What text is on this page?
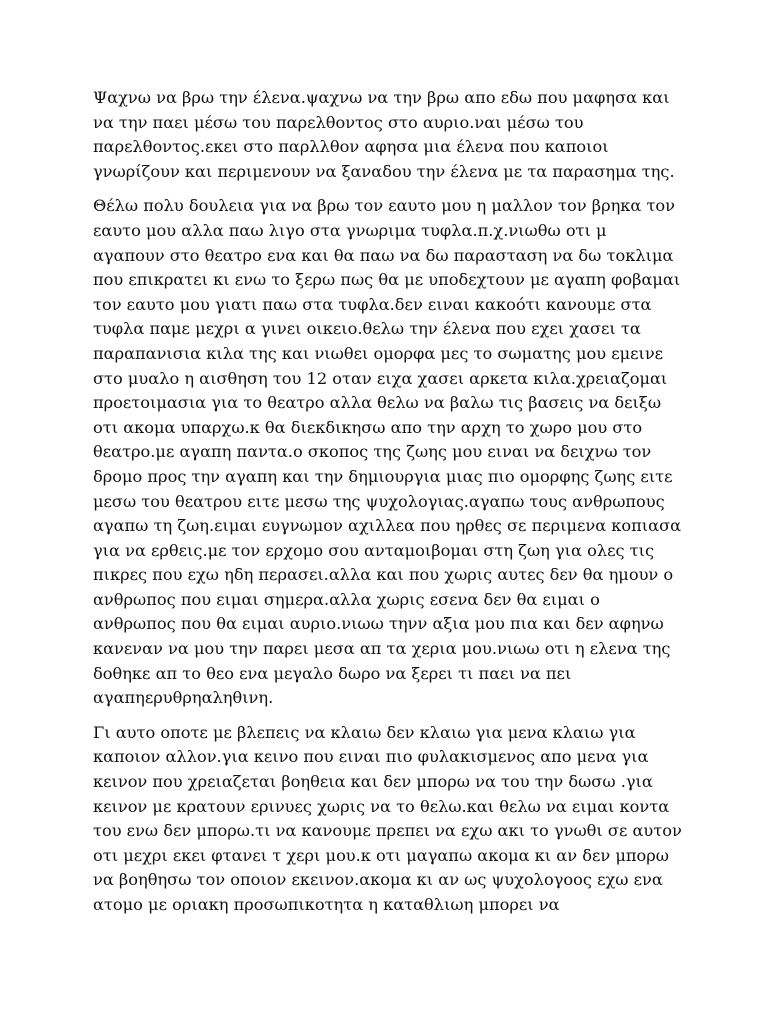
Ψαχνω να βρω την έλενα.ψαχνω να την βρω απο εδω που μαφησα και να την παει μέσω του παρελθοντος στο αυριο.ναι μέσω του παρελθοντος.εκει στο παρλλθον αφησα μια έλενα που καποιοι γνωρίζουν και περιμενουν να ξαναδου την έλενα με τα παρασημα της.

Θέλω πολυ δουλεια για να βρω τον εαυτο μου η μαλλον τον βρηκα τον εαυτο μου αλλα παω λιγο στα γνωριμα τυφλα.π.χ.νιωθω οτι μ αγαπουν στο θεατρο ενα και θα παω να δω παρασταση να δω τοκλιμα που επικρατει κι ενω το ξερω πως θα με υποδεχτουν με αγαπη φοβαμαι τον εαυτο μου γιατι παω στα τυφλα.δεν ειναι κακοότι κανουμε στα τυφλα παμε μεχρι α γινει οικειο.θελω την έλενα που εχει χασει τα παραπανισια κιλα της και νιωθει ομορφα μες το σωματης μου εμεινε στο μυαλο η αισθηση του 12 οταν ειχα χασει αρκετα κιλα.χρειαζομαι προετοιμασια για το θεατρο αλλα θελω να βαλω τις βασεις να δειξω οτι ακομα υπαρχω.κ θα διεκδικησω απο την αρχη το χωρο μου στο θεατρο.με αγαπη παντα.ο σκοπος της ζωης μου ειναι να δειχνω τον δρομο προς την αγαπη και την δημιουργια μιας πιο ομορφης ζωης ειτε μεσω του θεατρου ειτε μεσω της ψυχολογιας.αγαπω τους ανθρωπους αγαπω τη ζωη.ειμαι ευγνωμον αχιλλεα που ηρθες σε περιμενα κοπιασα για να ερθεις.με τον ερχομο σου ανταμοιβομαι στη ζωη για ολες τις πικρες που εχω ηδη περασει.αλλα και που χωρις αυτες δεν θα ημουν ο ανθρωπος που ειμαι σημερα.αλλα χωρις εσενα δεν θα ειμαι ο ανθρωπος που θα ειμαι αυριο.νιωω τηνν αξια μου πια και δεν αφηνω κανεναν να μου την παρει μεσα απ τα χερια μου.νιωω οτι η ελενα της δοθηκε απ το θεο ενα μεγαλο δωρο να ξερει τι παει να πει αγαπηερυθρηαληθινη.

Γι αυτο οποτε με βλεπεις να κλαιω δεν κλαιω για μενα κλαιω για καποιον αλλον.για κεινο που ειναι πιο φυλακισμενος απο μενα για κεινον που χρειαζεται βοηθεια και δεν μπορω να του την δωσω .για κεινον με κρατουν ερινυες χωρις να το θελω.και θελω να ειμαι κοντα του ενω δεν μπορω.τι να κανουμε πρεπει να εχω ακι το γνωθι σε αυτον οτι μεχρι εκει φτανει τ χερι μου.κ οτι μαγαπω ακομα κι αν δεν μπορω να βοηθησω τον οποιον εκεινον.ακομα κι αν ως ψυχολογοος εχω ενα ατομο με οριακη προσωπικοτητα η καταθλιωη μπορει να
